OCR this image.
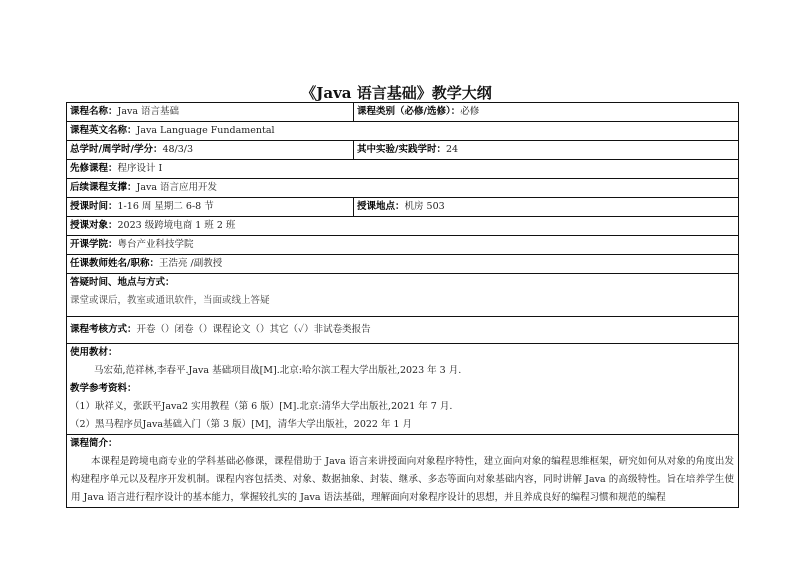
《Java 语言基础》教学大纲
课程名称：Java 语言基础	课程类别（必修/选修）：必修
课程英文名称：Java Language Fundamental
总学时/周学时/学分：48/3/3	其中实验/实践学时：24
先修课程：程序设计 I
后续课程支撑：Java 语言应用开发
授课时间：1-16 周 星期二 6-8 节	授课地点：机房 503
授课对象：2023 级跨境电商 1 班 2 班
开课学院：粤台产业科技学院
任课教师姓名/职称：王浩亮 /副教授
答疑时间、地点与方式：
课堂或课后，教室或通讯软件，当面或线上答疑
课程考核方式：开卷（）闭卷（）课程论文（）其它（✓）非试卷类报告
使用教材：
马宏茹,范祥林,李春平.Java 基础项目战[M].北京:哈尔滨工程大学出版社,2023 年 3 月.
教学参考资料：
（1）耿祥义，张跃平Java2 实用教程（第 6 版）[M].北京:清华大学出版社,2021 年 7 月.
（2）黑马程序员Java基础入门（第 3 版）[M]，清华大学出版社，2022 年 1 月
课程简介：
本课程是跨境电商专业的学科基础必修课，课程借助于 Java 语言来讲授面向对象程序特性，建立面向对象的编程思维框架，研究如何从对象的角度出发构建程序单元以及程序开发机制。课程内容包括类、对象、数据抽象、封装、继承、多态等面向对象基础内容，同时讲解 Java 的高级特性。旨在培养学生使用 Java 语言进行程序设计的基本能力，掌握较扎实的 Java 语法基础，理解面向对象程序设计的思想，并且养成良好的编程习惯和规范的编程
